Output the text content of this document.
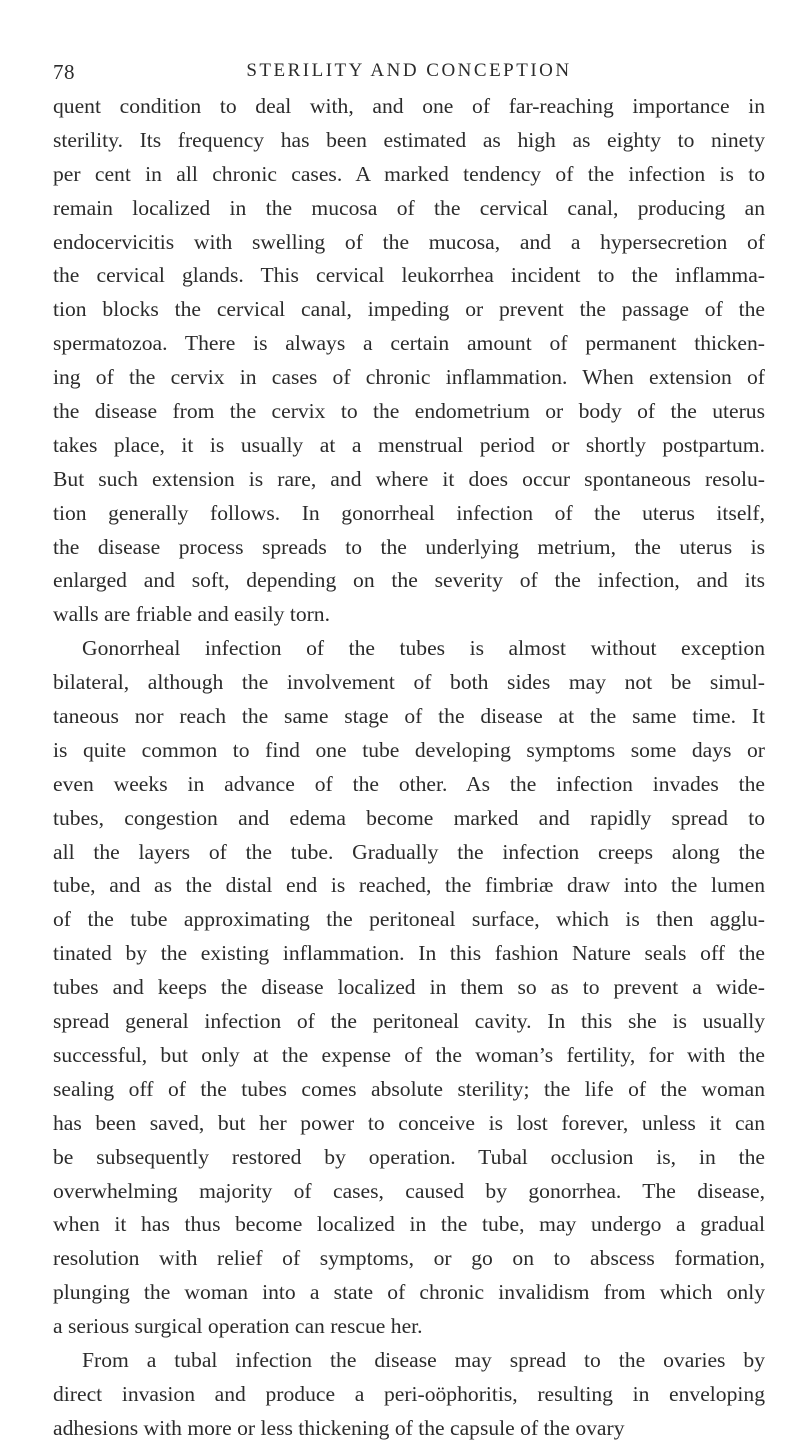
78	STERILITY AND CONCEPTION
quent condition to deal with, and one of far-reaching importance in
sterility. Its frequency has been estimated as high as eighty to ninety
per cent in all chronic cases. A marked tendency of the infection is to
remain localized in the mucosa of the cervical canal, producing an
endocervicitis with swelling of the mucosa, and a hypersecretion of
the cervical glands. This cervical leukorrhea incident to the inflamma-
tion blocks the cervical canal, impeding or prevent the passage of the
spermatozoa. There is always a certain amount of permanent thicken-
ing of the cervix in cases of chronic inflammation. When extension of
the disease from the cervix to the endometrium or body of the uterus
takes place, it is usually at a menstrual period or shortly postpartum.
But such extension is rare, and where it does occur spontaneous resolu-
tion generally follows. In gonorrheal infection of the uterus itself,
the disease process spreads to the underlying metrium, the uterus is
enlarged and soft, depending on the severity of the infection, and its
walls are friable and easily torn.
Gonorrheal infection of the tubes is almost without exception
bilateral, although the involvement of both sides may not be simul-
taneous nor reach the same stage of the disease at the same time. It
is quite common to find one tube developing symptoms some days or
even weeks in advance of the other. As the infection invades the
tubes, congestion and edema become marked and rapidly spread to
all the layers of the tube. Gradually the infection creeps along the
tube, and as the distal end is reached, the fimbriæ draw into the lumen
of the tube approximating the peritoneal surface, which is then agglu-
tinated by the existing inflammation. In this fashion Nature seals off the
tubes and keeps the disease localized in them so as to prevent a wide-
spread general infection of the peritoneal cavity. In this she is usually
successful, but only at the expense of the woman’s fertility, for with the
sealing off of the tubes comes absolute sterility; the life of the woman
has been saved, but her power to conceive is lost forever, unless it can
be subsequently restored by operation. Tubal occlusion is, in the
overwhelming majority of cases, caused by gonorrhea. The disease,
when it has thus become localized in the tube, may undergo a gradual
resolution with relief of symptoms, or go on to abscess formation,
plunging the woman into a state of chronic invalidism from which only
a serious surgical operation can rescue her.
From a tubal infection the disease may spread to the ovaries by
direct invasion and produce a peri-oöphoritis, resulting in enveloping
adhesions with more or less thickening of the capsule of the ovary
